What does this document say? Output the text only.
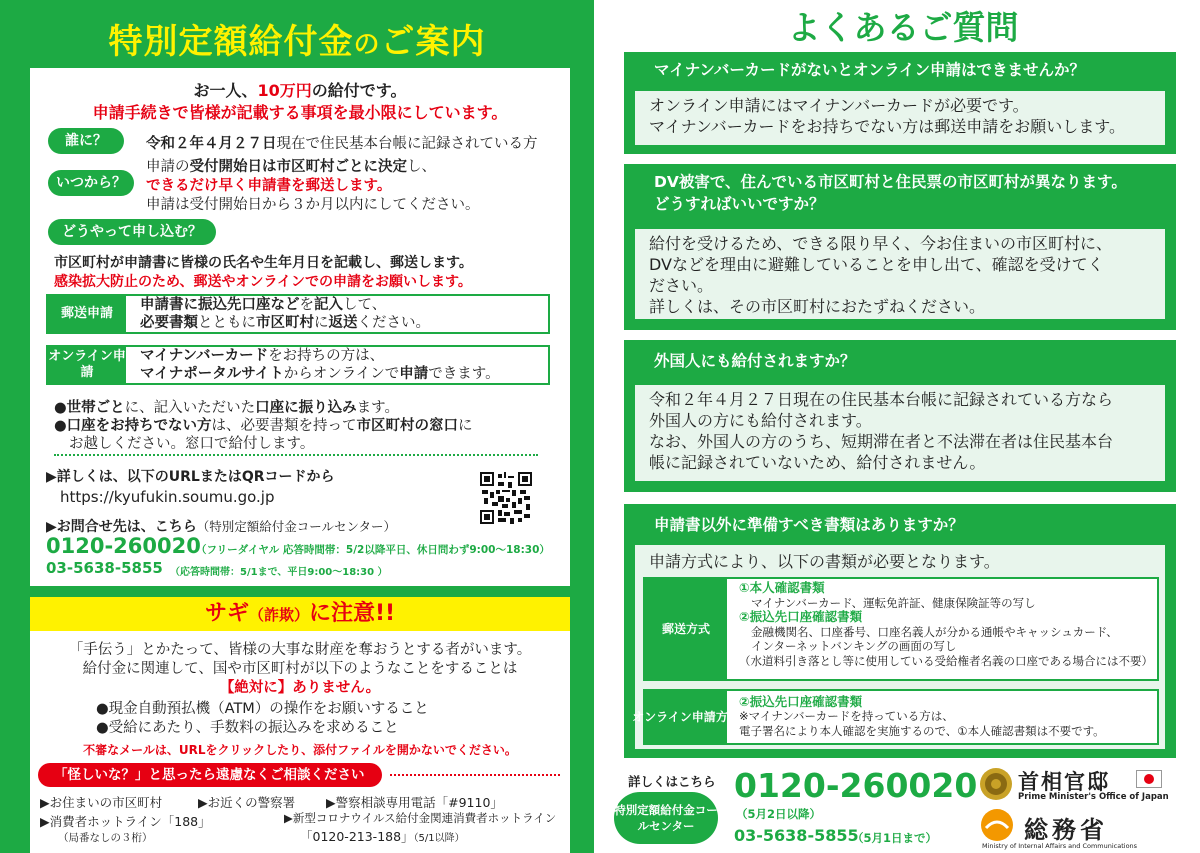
特別定額給付金のご案内
お一人、10万円の給付です。
申請手続きで皆様が記載する事項を最小限にしています。
誰に？	令和２年４月２７日現在で住民基本台帳に記録されている方
いつから？
申請の受付開始日は市区町村ごとに決定し、
できるだけ早く申請書を郵送します。
申請は受付開始日から３か月以内にしてください。
どうやって申し込む？
市区町村が申請書に皆様の氏名や生年月日を記載し、郵送します。
感染拡大防止のため、郵送やオンラインでの申請をお願いします。
郵送申請
申請書に振込先口座などを記入して、
必要書類とともに市区町村に返送ください。
オンライン申請
マイナンバーカードをお持ちの方は、
マイナポータルサイトからオンラインで申請できます。
●世帯ごとに、記入いただいた口座に振り込みます。
●口座をお持ちでない方は、必要書類を持って市区町村の窓口に
お越しください。窓口で給付します。
▶詳しくは、以下のURLまたはQRコードから
https://kyufukin.soumu.go.jp
▶お問合せ先は、こちら（特別定額給付金コールセンター）
0120-260020
（フリーダイヤル 応答時間帯：5/2以降平日、休日問わず9:00～18:30）
03-5638-5855 （応答時間帯：5/1まで、平日9:00～18:30 ）
サギ（詐欺）に注意!!
「手伝う」とかたって、皆様の大事な財産を奪おうとする者がいます。
給付金に関連して、国や市区町村が以下のようなことをすることは
【絶対に】ありません。
●現金自動預払機（ATM）の操作をお願いすること
●受給にあたり、手数料の振込みを求めること
不審なメールは、URLをクリックしたり、添付ファイルを開かないでください。
「怪しいな？」と思ったら遠慮なくご相談ください
▶お住まいの市区町村	▶お近くの警察署 ▶警察相談専用電話「#9110」
▶消費者ホットライン「188」
（局番なしの３桁）
▶新型コロナウイルス給付金関連消費者ホットライン
「0120-213-188」（5/1以降）
よくあるご質問
マイナンバーカードがないとオンライン申請はできませんか？
オンライン申請にはマイナンバーカードが必要です。
マイナンバーカードをお持ちでない方は郵送申請をお願いします。
DV被害で、住んでいる市区町村と住民票の市区町村が異なります。
どうすればいいですか？
給付を受けるため、できる限り早く、今お住まいの市区町村に、
DVなどを理由に避難していることを申し出て、確認を受けてく
ださい。
詳しくは、その市区町村におたずねください。
外国人にも給付されますか？
令和２年４月２７日現在の住民基本台帳に記録されている方なら
外国人の方にも給付されます。
なお、外国人の方のうち、短期滞在者と不法滞在者は住民基本台
帳に記録されていないため、給付されません。
申請書以外に準備すべき書類はありますか？
申請方式により、以下の書類が必要となります。
郵送方式
①本人確認書類
マイナンバーカード、運転免許証、健康保険証等の写し
②振込先口座確認書類
金融機関名、口座番号、口座名義人が分かる通帳やキャッシュカード、
インターネットバンキングの画面の写し
（水道料引き落とし等に使用している受給権者名義の口座である場合には不要）
オンライン申請方式
②振込先口座確認書類
※マイナンバーカードを持っている方は、
電子署名により本人確認を実施するので、①本人確認書類は不要です。
詳しくはこちら
特別定額給付金コールセンター
0120-260020
（5月2日以降）
03-5638-5855
（5月1日まで）
首相官邸
Prime Minister's Office of Japan
総務省
Ministry of Internal Affairs and Communications
